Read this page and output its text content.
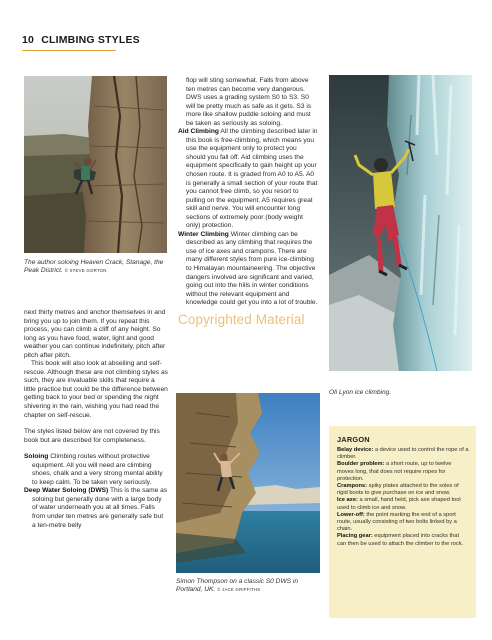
10 CLIMBING STYLES
The author soloing Heaven Crack, Stanage, the Peak District. © STEVE GORTON

next thirty metres and anchor themselves in and bring you up to join them. If you repeat this process, you can climb a cliff of any height. So long as you have food, water, light and good weather you can continue indefinitely, pitch after pitch after pitch.

This book will also look at abseiling and self-rescue. Although these are not climbing styles as such, they are invaluable skills that require a little practice but could be the difference between getting back to your bed or spending the night shivering in the rain, wishing you had read the chapter on self-rescue.

The styles listed below are not covered by this book but are described for completeness.

Soloing Climbing routes without protective equipment. All you will need are climbing shoes, chalk and a very strong mental ability to keep calm. To be taken very seriously.

Deep Water Soloing (DWS) This is the same as soloing but generally done with a large body of water underneath you at all times. Falls from under ten metres are generally safe but a ten-metre belly

flop will sting somewhat. Falls from above ten metres can become very dangerous. DWS uses a grading system S0 to S3. S0 will be pretty much as safe as it gets. S3 is more like shallow puddle soloing and must be taken as seriously as soloing.

Aid Climbing All the climbing described later in this book is free-climbing, which means you use the equipment only to protect you should you fall off. Aid climbing uses the equipment specifically to gain height up your chosen route. It is graded from A0 to A5. A0 is generally a small section of your route that you cannot free climb, so you resort to pulling on the equipment. A5 requires great skill and nerve. You will encounter long sections of extremely poor (body weight only) protection.

Winter Climbing Winter climbing can be described as any climbing that requires the use of ice axes and crampons. There are many different styles from pure ice-climbing to Himalayan mountaineering. The objective dangers involved are significant and varied, going out into the hills in winter conditions without the relevant equipment and knowledge could get you into a lot of trouble.

Oli Lyon ice climbing.
Simon Thompson on a classic S0 DWS in Portland, UK. © JACK GRIFFITHS
JARGON
Belay device: a device used to control the rope of a climber.
Boulder problem: a short route, up to twelve moves long, that does not require ropes for protection.
Crampons: spiky plates attached to the soles of rigid boots to give purchase on ice and snow.
Ice axe: a small, hand held, pick axe shaped tool used to climb ice and snow.
Lower-off: the point marking the end of a sport route, usually consisting of two bolts linked by a chain.
Placing gear: equipment placed into cracks that can then be used to attach the climber to the rock.
Copyrighted Material
